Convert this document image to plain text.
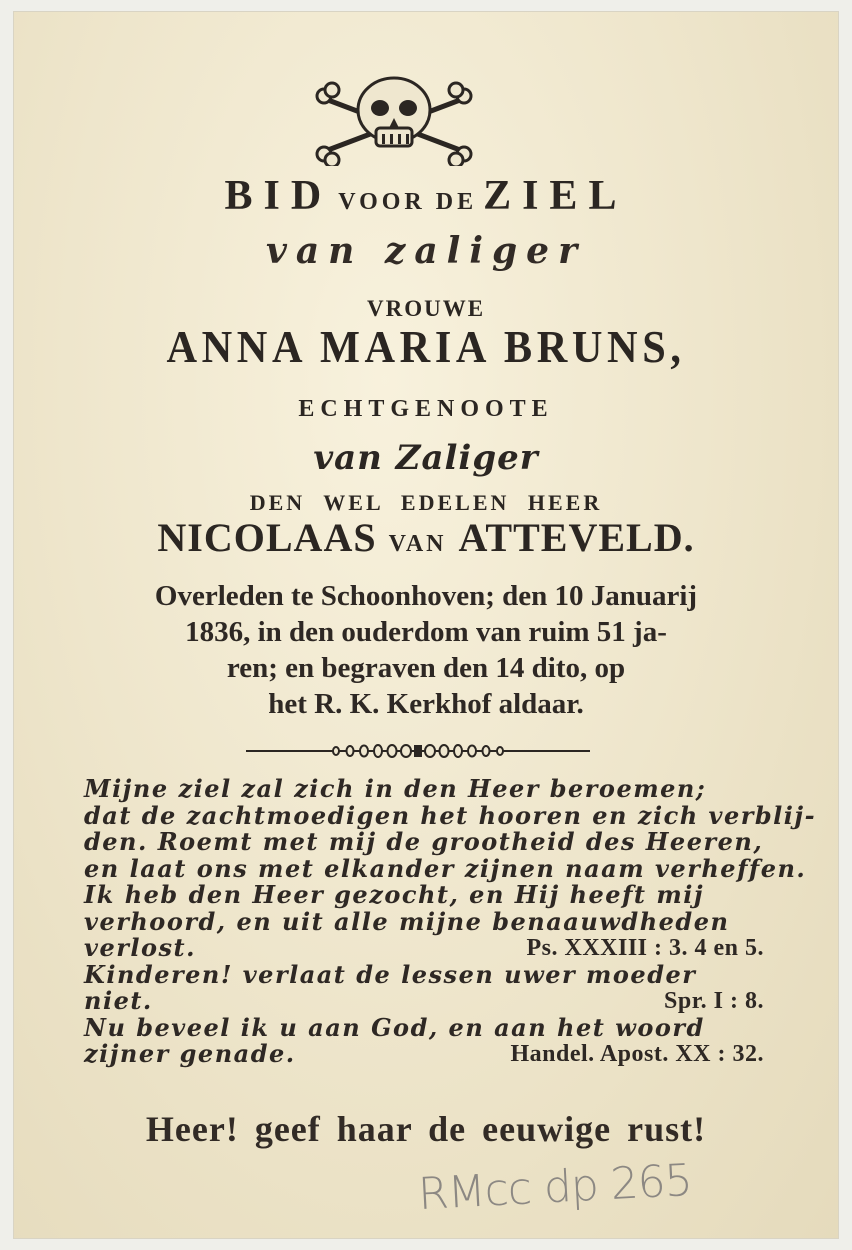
BID VOOR DE ZIEL
van zaliger
VROUWE
ANNA MARIA BRUNS,
ECHTGENOOTE
van Zaliger
DEN WEL EDELEN HEER
NICOLAAS VAN ATTEVELD.
Overleden te Schoonhoven; den 10 Januarij
1836, in den ouderdom van ruim 51 ja-
ren; en begraven den 14 dito, op
het R. K. Kerkhof aldaar.
Mijne ziel zal zich in den Heer beroemen;
dat de zachtmoedigen het hooren en zich verblij-
den. Roemt met mij de grootheid des Heeren,
en laat ons met elkander zijnen naam verheffen.
Ik heb den Heer gezocht, en Hij heeft mij
verhoord, en uit alle mijne benaauwdheden
verlost.	Ps. XXXIII : 3. 4 en 5.
Kinderen! verlaat de lessen uwer moeder
niet.	Spr. I : 8.
Nu beveel ik u aan God, en aan het woord
zijner genade.	Handel. Apost. XX : 32.
Heer! geef haar de eeuwige rust!
RMcc dp 265
